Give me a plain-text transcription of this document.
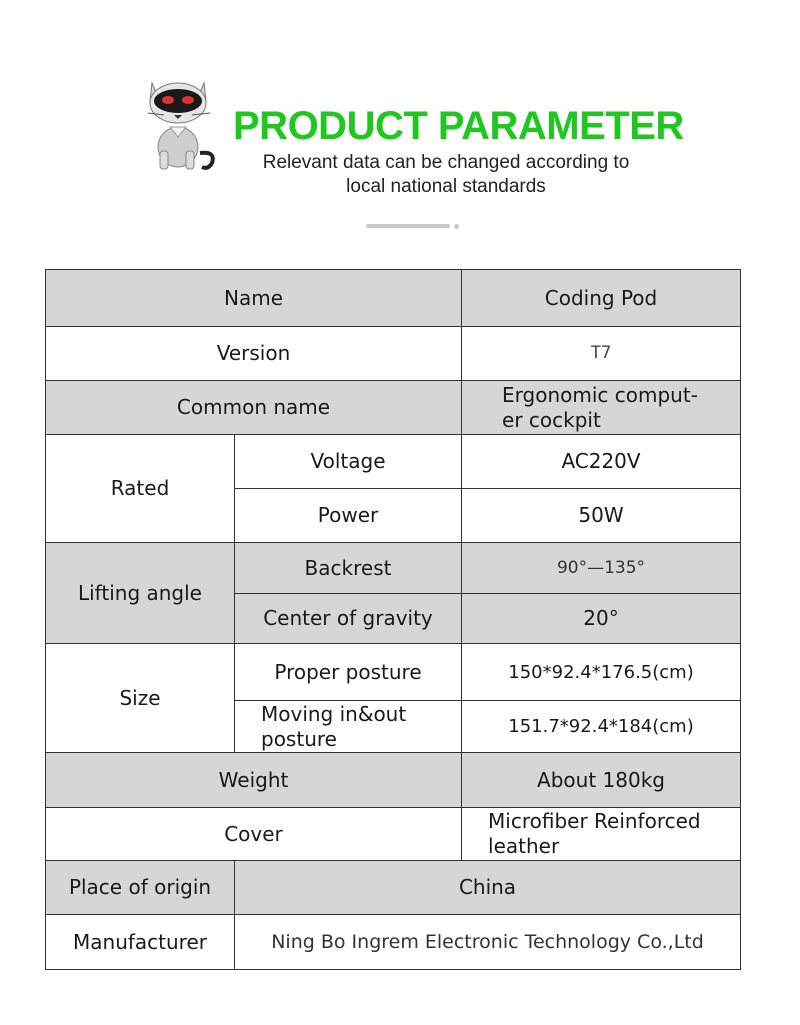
PRODUCT PARAMETER
Relevant data can be changed according to
local national standards
Name		Coding Pod
Version		T7
Common name		Ergonomic comput-
er cockpit

Rated	Voltage	AC220V
	Power	50W
Lifting angle	Backrest	90°—135°
	Center of gravity	20°
Size	Proper posture	150*92.4*176.5(cm)

	Moving in&out
posture	151.7*92.4*184(cm)
Weight		About 180kg
Cover		Microfiber Reinforced
leather

Place of origin	China	
Manufacturer	Ning Bo Ingrem Electronic Technology Co.,Ltd	
